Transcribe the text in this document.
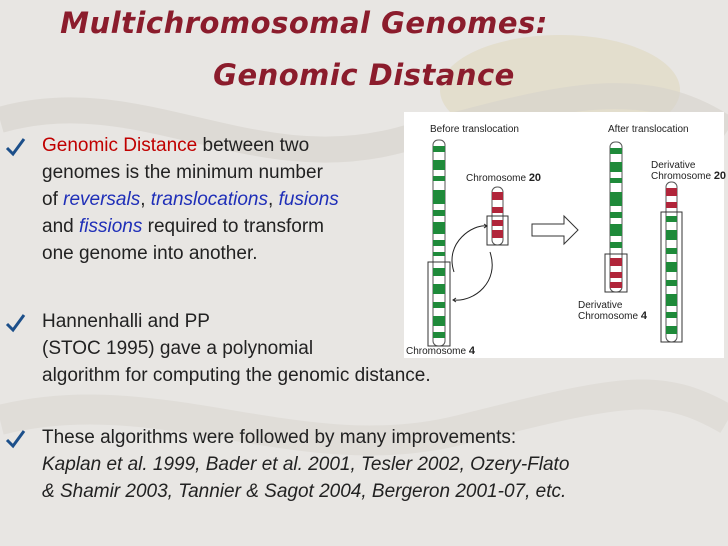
Multichromosomal Genomes:
Genomic Distance
Genomic Distance between two
genomes is the minimum number
of reversals, translocations, fusions
and fissions required to transform
one genome into another.
Hannenhalli and PP
(STOC 1995) gave a polynomial
algorithm for computing the genomic distance.
These algorithms were followed by many improvements:
Kaplan et al. 1999, Bader et al. 2001, Tesler 2002, Ozery-Flato
& Shamir 2003, Tannier & Sagot 2004, Bergeron 2001-07, etc.
Before translocation	After translocation
Chromosome 20
Chromosome 4
Derivative
Chromosome 20
Derivative
Chromosome 4
